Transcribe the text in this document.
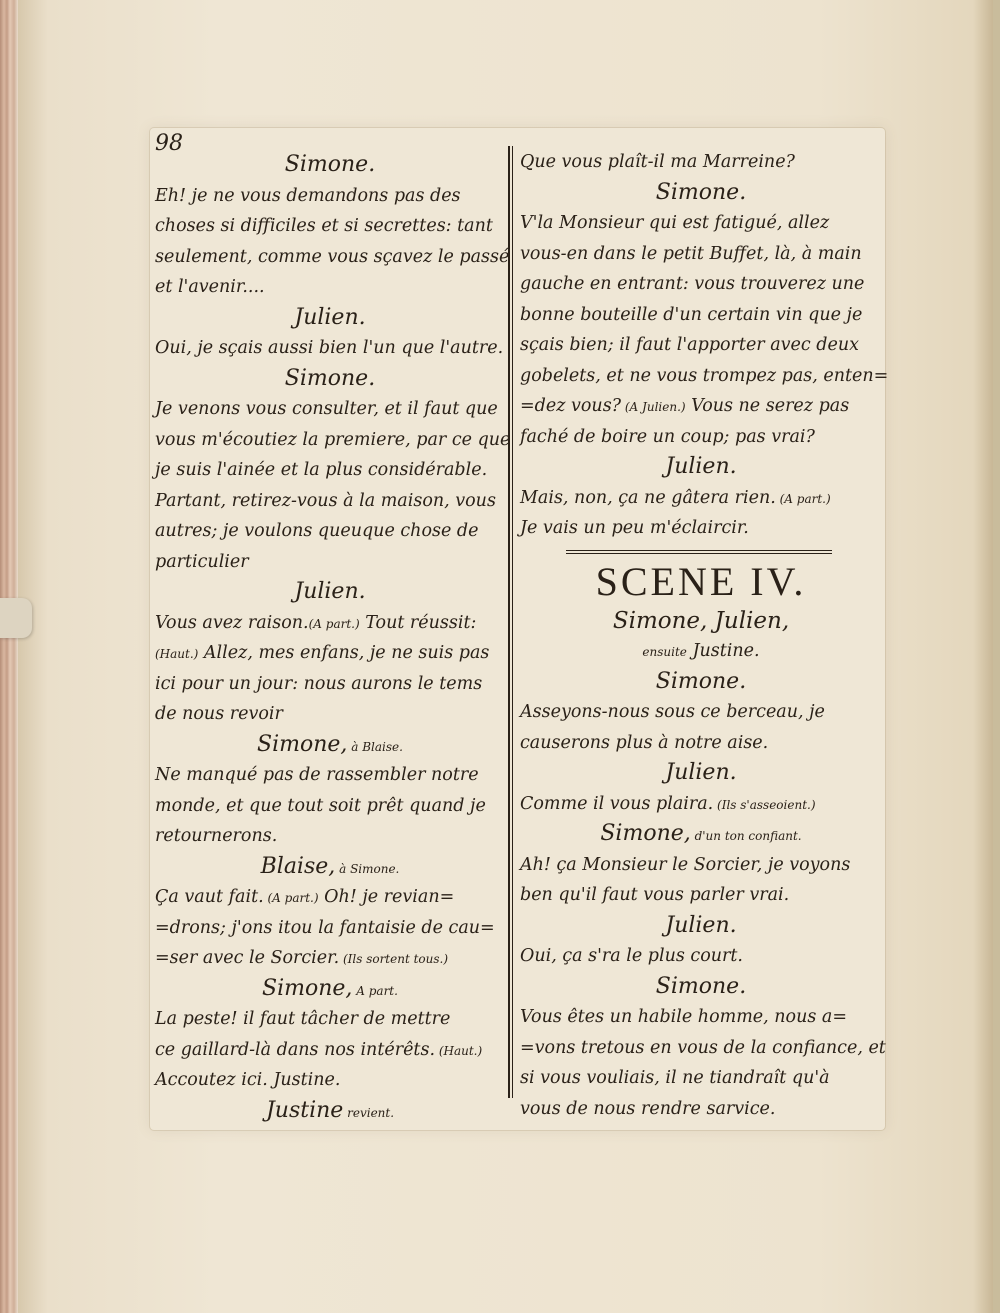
98
Simone.
Eh! je ne vous demandons pas des
choses si difficiles et si secrettes: tant
seulement, comme vous sçavez le passé
et l'avenir....
Julien.
Oui, je sçais aussi bien l'un que l'autre.
Simone.
Je venons vous consulter, et il faut que
vous m'écoutiez la premiere, par ce que
je suis l'ainée et la plus considérable.
Partant, retirez-vous à la maison, vous
autres; je voulons queuque chose de
particulier
Julien.
Vous avez raison.(A part.) Tout réussit:
(Haut.) Allez, mes enfans, je ne suis pas
ici pour un jour: nous aurons le tems
de nous revoir
Simone, à Blaise.
Ne manqué pas de rassembler notre
monde, et que tout soit prêt quand je
retournerons.
Blaise, à Simone.
Ça vaut fait. (A part.) Oh! je revian=
=drons; j'ons itou la fantaisie de cau=
=ser avec le Sorcier. (Ils sortent tous.)
Simone, A part.
La peste! il faut tâcher de mettre
ce gaillard-là dans nos intérêts. (Haut.)
Accoutez ici. Justine.
Justine revient.
Que vous plaît-il ma Marreine?
Simone.
V'la Monsieur qui est fatigué, allez
vous-en dans le petit Buffet, là, à main
gauche en entrant: vous trouverez une
bonne bouteille d'un certain vin que je
sçais bien; il faut l'apporter avec deux
gobelets, et ne vous trompez pas, enten=
=dez vous? (A Julien.) Vous ne serez pas
faché de boire un coup; pas vrai?
Julien.
Mais, non, ça ne gâtera rien. (A part.)
Je vais un peu m'éclaircir.
SCENE IV.
Simone, Julien,
ensuite Justine.
Simone.
Asseyons-nous sous ce berceau, je
causerons plus à notre aise.
Julien.
Comme il vous plaira. (Ils s'asseoient.)
Simone, d'un ton confiant.
Ah! ça Monsieur le Sorcier, je voyons
ben qu'il faut vous parler vrai.
Julien.
Oui, ça s'ra le plus court.
Simone.
Vous êtes un habile homme, nous a=
=vons tretous en vous de la confiance, et
si vous vouliais, il ne tiandraît qu'à
vous de nous rendre sarvice.
